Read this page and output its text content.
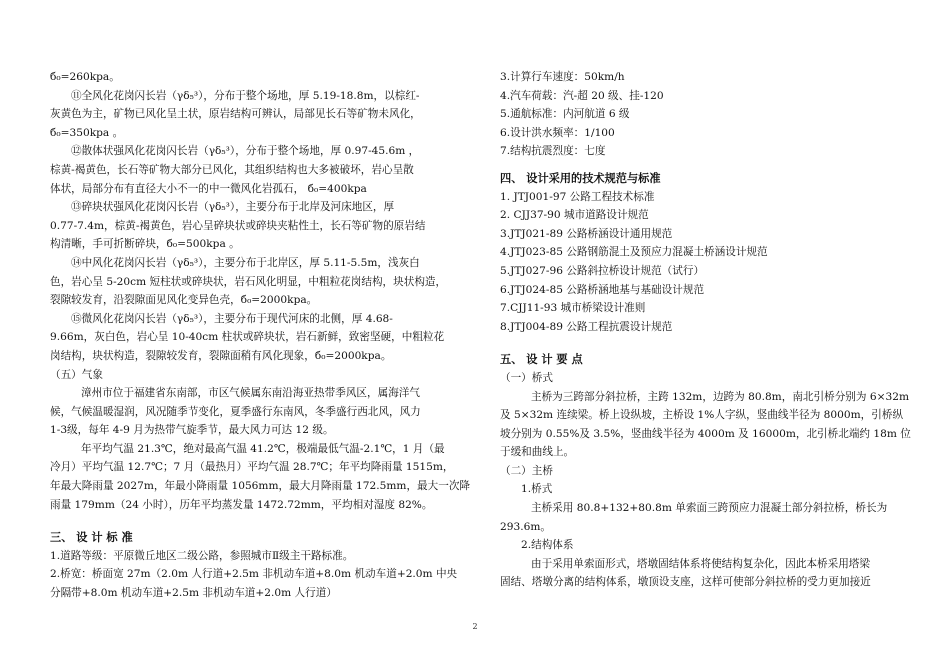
б₀=260kpa。
⑪全风化花岗闪长岩（γδ₅³），分布于整个场地，厚 5.19-18.8m，以棕红-
灰黄色为主，矿物已风化呈土状，原岩结构可辨认，局部见长石等矿物未风化，
б₀=350kpa 。
⑫散体状强风化花岗闪长岩（γδ₅³），分布于整个场地，厚 0.97-45.6m ，
棕黄-褐黄色，长石等矿物大部分已风化，其组织结构也大多被破坏，岩心呈散
体状，局部分布有直径大小不一的中一微风化岩孤石， б₀=400kpa
⑬碎块状强风化花岗闪长岩（γδ₅³），主要分布于北岸及河床地区，厚
0.77-7.4m，棕黄-褐黄色，岩心呈碎块状或碎块夹粘性土，长石等矿物的原岩结
构清晰，手可折断碎块，б₀=500kpa 。
⑭中风化花岗闪长岩（γδ₅³），主要分布于北岸区，厚 5.11-5.5m，浅灰白
色，岩心呈 5-20cm 短柱状或碎块状，岩石风化明显，中粗粒花岗结构，块状构造，
裂隙较发育，沿裂隙面见风化变异色壳，б₀=2000kpa。
⑮微风化花岗闪长岩（γδ₅³），主要分布于现代河床的北侧，厚 4.68-
9.66m，灰白色，岩心呈 10-40cm 柱状或碎块状，岩石新鲜，致密坚硬，中粗粒花
岗结构，块状构造，裂隙较发育，裂隙面稍有风化现象，б₀=2000kpa。
（五）气象
漳州市位于福建省东南部，市区气候属东南沿海亚热带季风区，属海洋气
候，气候温暖湿润，风况随季节变化，夏季盛行东南风，冬季盛行西北风，风力
1-3级，每年 4-9 月为热带气旋季节，最大风力可达 12 级。
年平均气温 21.3℃，绝对最高气温 41.2℃，极端最低气温-2.1℃，1 月（最
冷月）平均气温 12.7℃；7 月（最热月）平均气温 28.7℃；年平均降雨量 1515m，
年最大降雨量 2027m，年最小降雨量 1056mm，最大月降雨量 172.5mm，最大一次降
雨量 179mm（24 小时），历年平均蒸发量 1472.72mm，平均相对湿度 82%。
三、 设 计 标 准
1.道路等级：平原微丘地区二级公路，参照城市Ⅱ级主干路标准。
2.桥宽：桥面宽 27m（2.0m 人行道+2.5m 非机动车道+8.0m 机动车道+2.0m 中央
分隔带+8.0m 机动车道+2.5m 非机动车道+2.0m 人行道）
3.计算行车速度：50km/h
4.汽车荷载：汽-超 20 级、挂-120
5.通航标准：内河航道 6 级
6.设计洪水频率：1/100
7.结构抗震烈度：七度
四、 设计采用的技术规范与标准
1. JTJ001-97 公路工程技术标准
2. CJJ37-90 城市道路设计规范
3.JTJ021-89 公路桥涵设计通用规范
4.JTJ023-85 公路钢筋混土及预应力混凝土桥涵设计规范
5.JTJ027-96 公路斜拉桥设计规范（试行）
6.JTJ024-85 公路桥涵地基与基础设计规范
7.CJJ11-93 城市桥梁设计准则
8.JTJ004-89 公路工程抗震设计规范
五、 设 计 要 点
（一）桥式
主桥为三跨部分斜拉桥，主跨 132m，边跨为 80.8m，南北引桥分别为 6×32m
及 5×32m 连续梁。桥上设纵坡，主桥设 1%人字纵，竖曲线半径为 8000m，引桥纵
坡分别为 0.55%及 3.5%，竖曲线半径为 4000m 及 16000m，北引桥北端约 18m 位
于缓和曲线上。
（二）主桥
1.桥式
主桥采用 80.8+132+80.8m 单索面三跨预应力混凝土部分斜拉桥，桥长为
293.6m。
2.结构体系
由于采用单索面形式，塔墩固结体系将使结构复杂化，因此本桥采用塔梁
固结、塔墩分离的结构体系，墩顶设支座，这样可使部分斜拉桥的受力更加接近
2
